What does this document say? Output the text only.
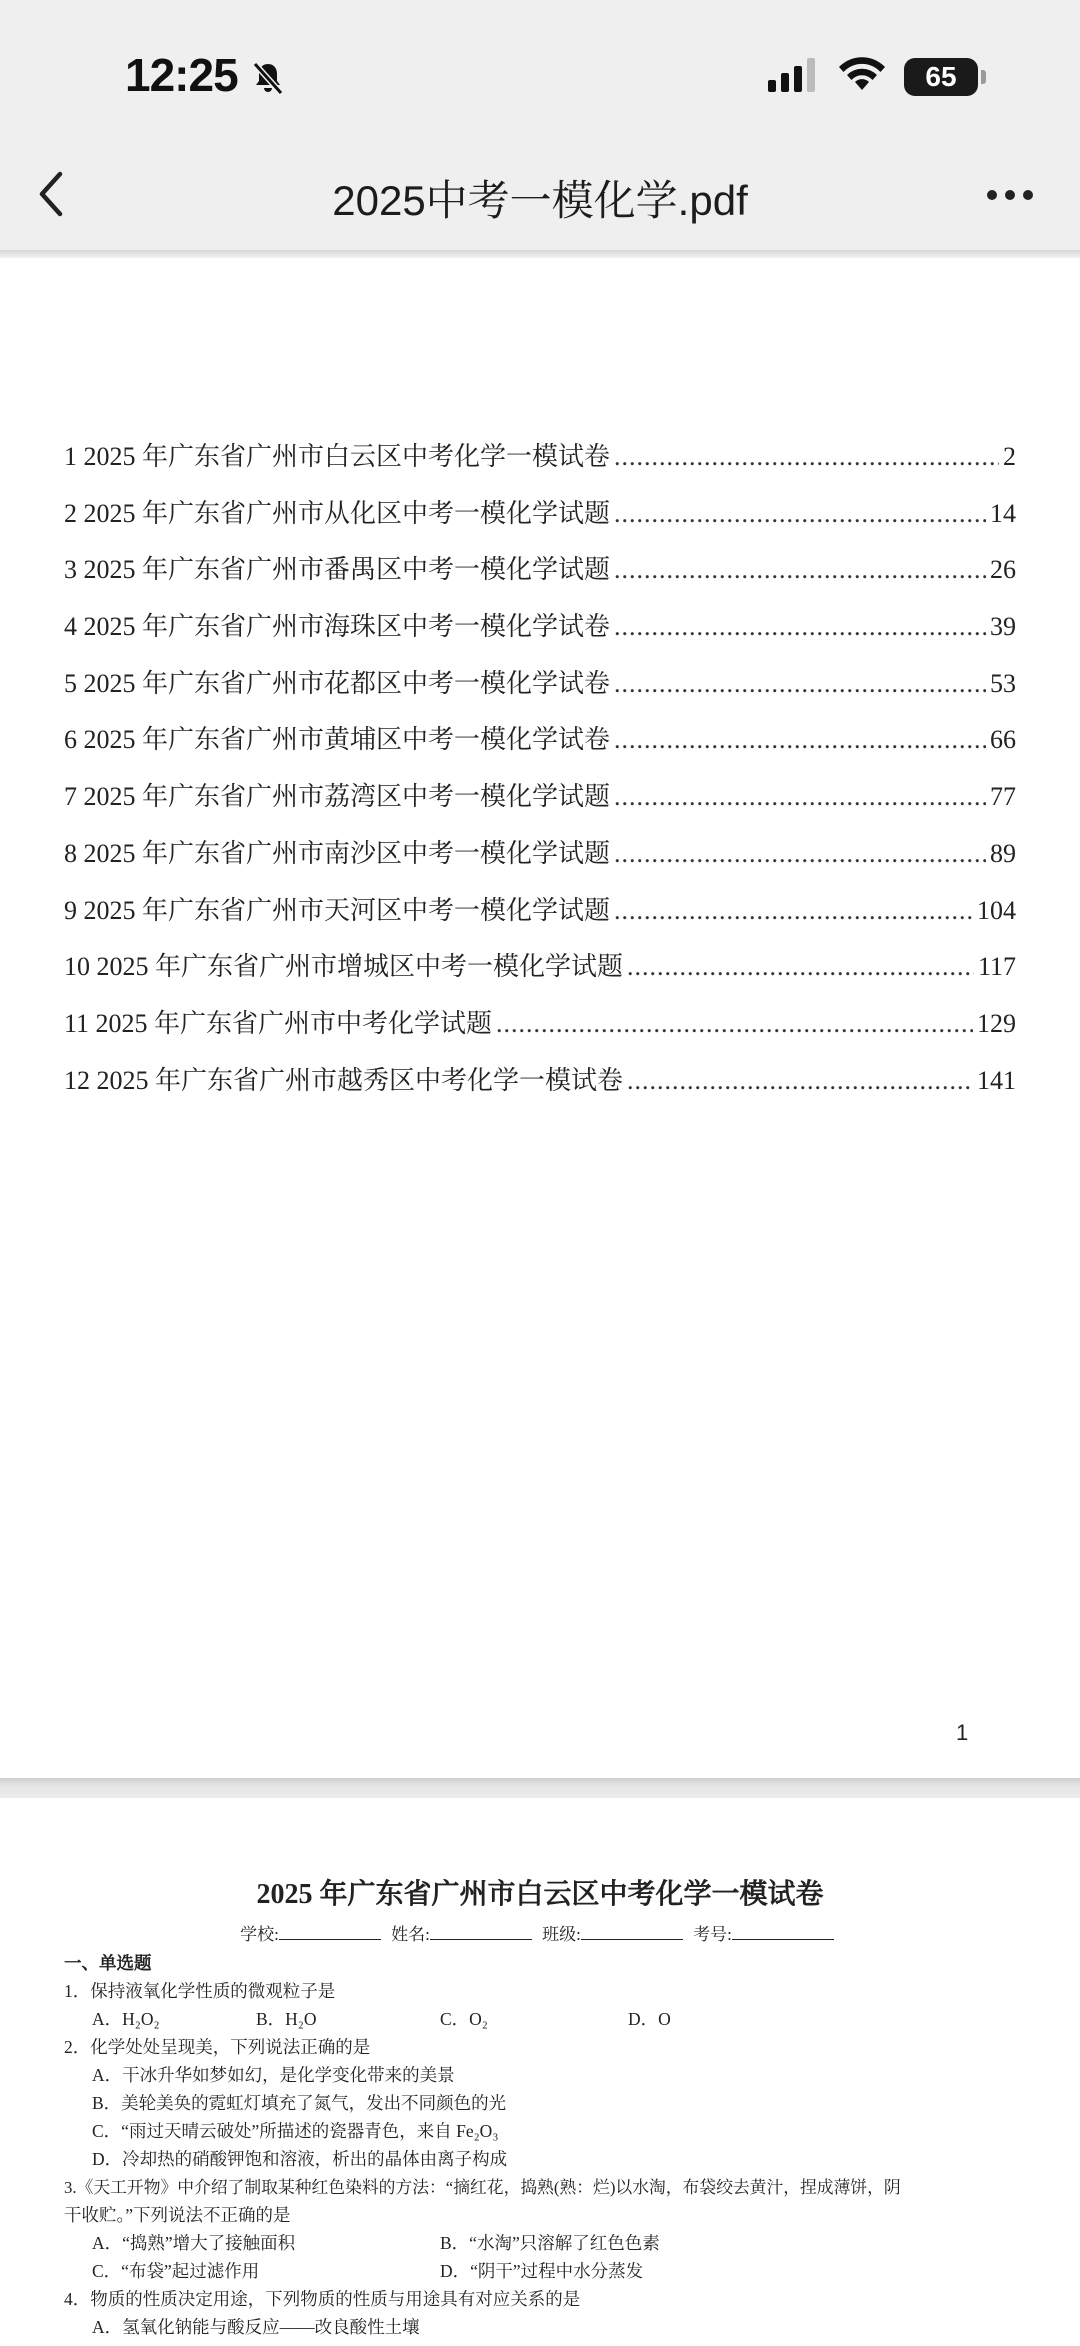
12:25	65
2025中考一模化学.pdf
1 2025 年广东省广州市白云区中考化学一模试卷 .....	2
2 2025 年广东省广州市从化区中考一模化学试题 .....	14
3 2025 年广东省广州市番禺区中考一模化学试题 .....	26
4 2025 年广东省广州市海珠区中考一模化学试卷 .....	39
5 2025 年广东省广州市花都区中考一模化学试卷 .....	53
6 2025 年广东省广州市黄埔区中考一模化学试卷 .....	66
7 2025 年广东省广州市荔湾区中考一模化学试题 .....	77
8 2025 年广东省广州市南沙区中考一模化学试题 .....	89
9 2025 年广东省广州市天河区中考一模化学试题 .....	104
10 2025 年广东省广州市增城区中考一模化学试题 .....	117
11 2025 年广东省广州市中考化学试题 .....	129
12 2025 年广东省广州市越秀区中考化学一模试卷 .....	141
1
2025 年广东省广州市白云区中考化学一模试卷
学校:	姓名:	班级:	考号:
一、单选题
1．保持液氧化学性质的微观粒子是
A．H₂O₂	B．H₂O	C．O₂	D．O
2．化学处处呈现美，下列说法正确的是
A．干冰升华如梦如幻，是化学变化带来的美景
B．美轮美奂的霓虹灯填充了氮气，发出不同颜色的光
C．“雨过天晴云破处”所描述的瓷器青色，来自 Fe₂O₃
D．冷却热的硝酸钾饱和溶液，析出的晶体由离子构成
3.《天工开物》中介绍了制取某种红色染料的方法：“摘红花，捣熟(熟：烂)以水淘，布袋绞去黄汁，捏成薄饼，阴
干收贮。”下列说法不正确的是
A．“捣熟”增大了接触面积	B．“水淘”只溶解了红色色素
C．“布袋”起过滤作用	D．“阴干”过程中水分蒸发
4．物质的性质决定用途，下列物质的性质与用途具有对应关系的是
A．氢氧化钠能与酸反应——改良酸性土壤
